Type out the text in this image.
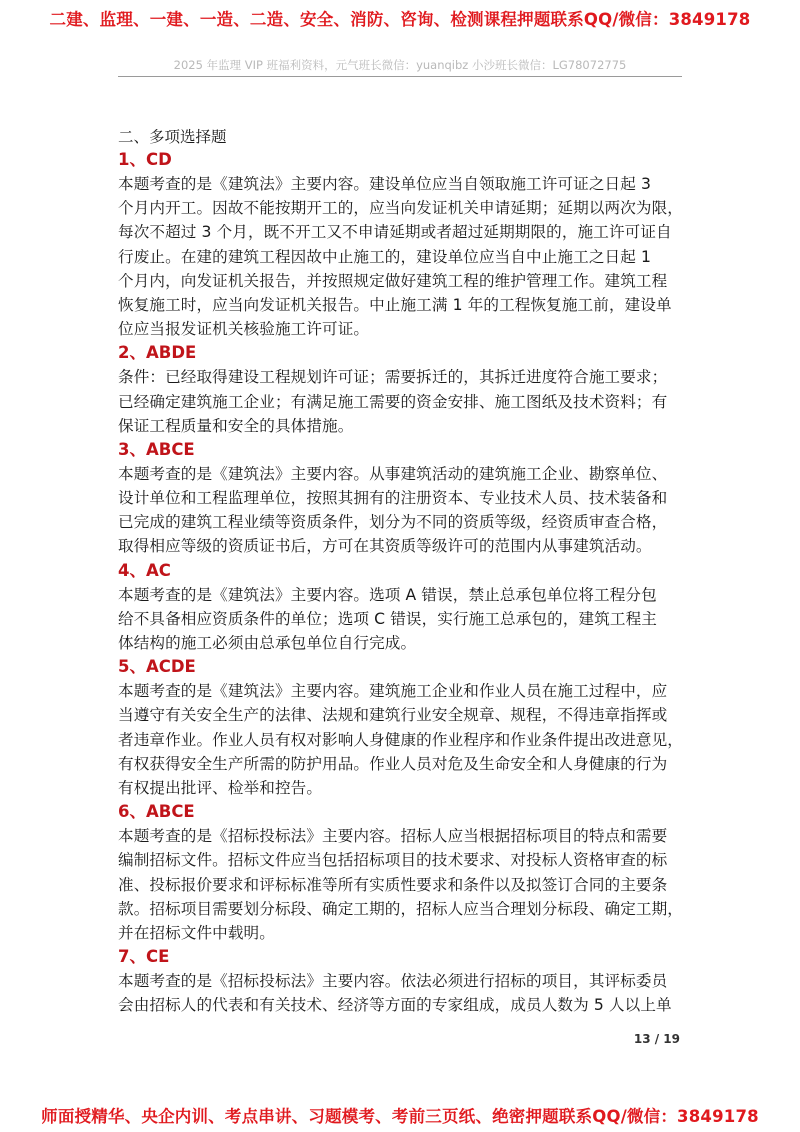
二建、监理、一建、一造、二造、安全、消防、咨询、检测课程押题联系QQ/微信：3849178
2025 年监理 VIP 班福利资料，元气班长微信：yuanqibz 小沙班长微信：LG78072775
二、多项选择题
1、CD
本题考查的是《建筑法》主要内容。建设单位应当自领取施工许可证之日起 3
个月内开工。因故不能按期开工的，应当向发证机关申请延期；延期以两次为限，
每次不超过 3 个月，既不开工又不申请延期或者超过延期期限的，施工许可证自
行废止。在建的建筑工程因故中止施工的，建设单位应当自中止施工之日起 1
个月内，向发证机关报告，并按照规定做好建筑工程的维护管理工作。建筑工程
恢复施工时，应当向发证机关报告。中止施工满 1 年的工程恢复施工前，建设单
位应当报发证机关核验施工许可证。
2、ABDE
条件：已经取得建设工程规划许可证；需要拆迁的，其拆迁进度符合施工要求；
已经确定建筑施工企业；有满足施工需要的资金安排、施工图纸及技术资料；有
保证工程质量和安全的具体措施。
3、ABCE
本题考查的是《建筑法》主要内容。从事建筑活动的建筑施工企业、勘察单位、
设计单位和工程监理单位，按照其拥有的注册资本、专业技术人员、技术装备和
已完成的建筑工程业绩等资质条件，划分为不同的资质等级，经资质审查合格，
取得相应等级的资质证书后，方可在其资质等级许可的范围内从事建筑活动。
4、AC
本题考查的是《建筑法》主要内容。选项 A 错误，禁止总承包单位将工程分包
给不具备相应资质条件的单位；选项 C 错误，实行施工总承包的，建筑工程主
体结构的施工必须由总承包单位自行完成。
5、ACDE
本题考查的是《建筑法》主要内容。建筑施工企业和作业人员在施工过程中，应
当遵守有关安全生产的法律、法规和建筑行业安全规章、规程，不得违章指挥或
者违章作业。作业人员有权对影响人身健康的作业程序和作业条件提出改进意见，
有权获得安全生产所需的防护用品。作业人员对危及生命安全和人身健康的行为
有权提出批评、检举和控告。
6、ABCE
本题考查的是《招标投标法》主要内容。招标人应当根据招标项目的特点和需要
编制招标文件。招标文件应当包括招标项目的技术要求、对投标人资格审查的标
准、投标报价要求和评标标准等所有实质性要求和条件以及拟签订合同的主要条
款。招标项目需要划分标段、确定工期的，招标人应当合理划分标段、确定工期，
并在招标文件中载明。
7、CE
本题考查的是《招标投标法》主要内容。依法必须进行招标的项目，其评标委员
会由招标人的代表和有关技术、经济等方面的专家组成，成员人数为 5 人以上单
13 / 19
师面授精华、央企内训、考点串讲、习题模考、考前三页纸、绝密押题联系QQ/微信：3849178
